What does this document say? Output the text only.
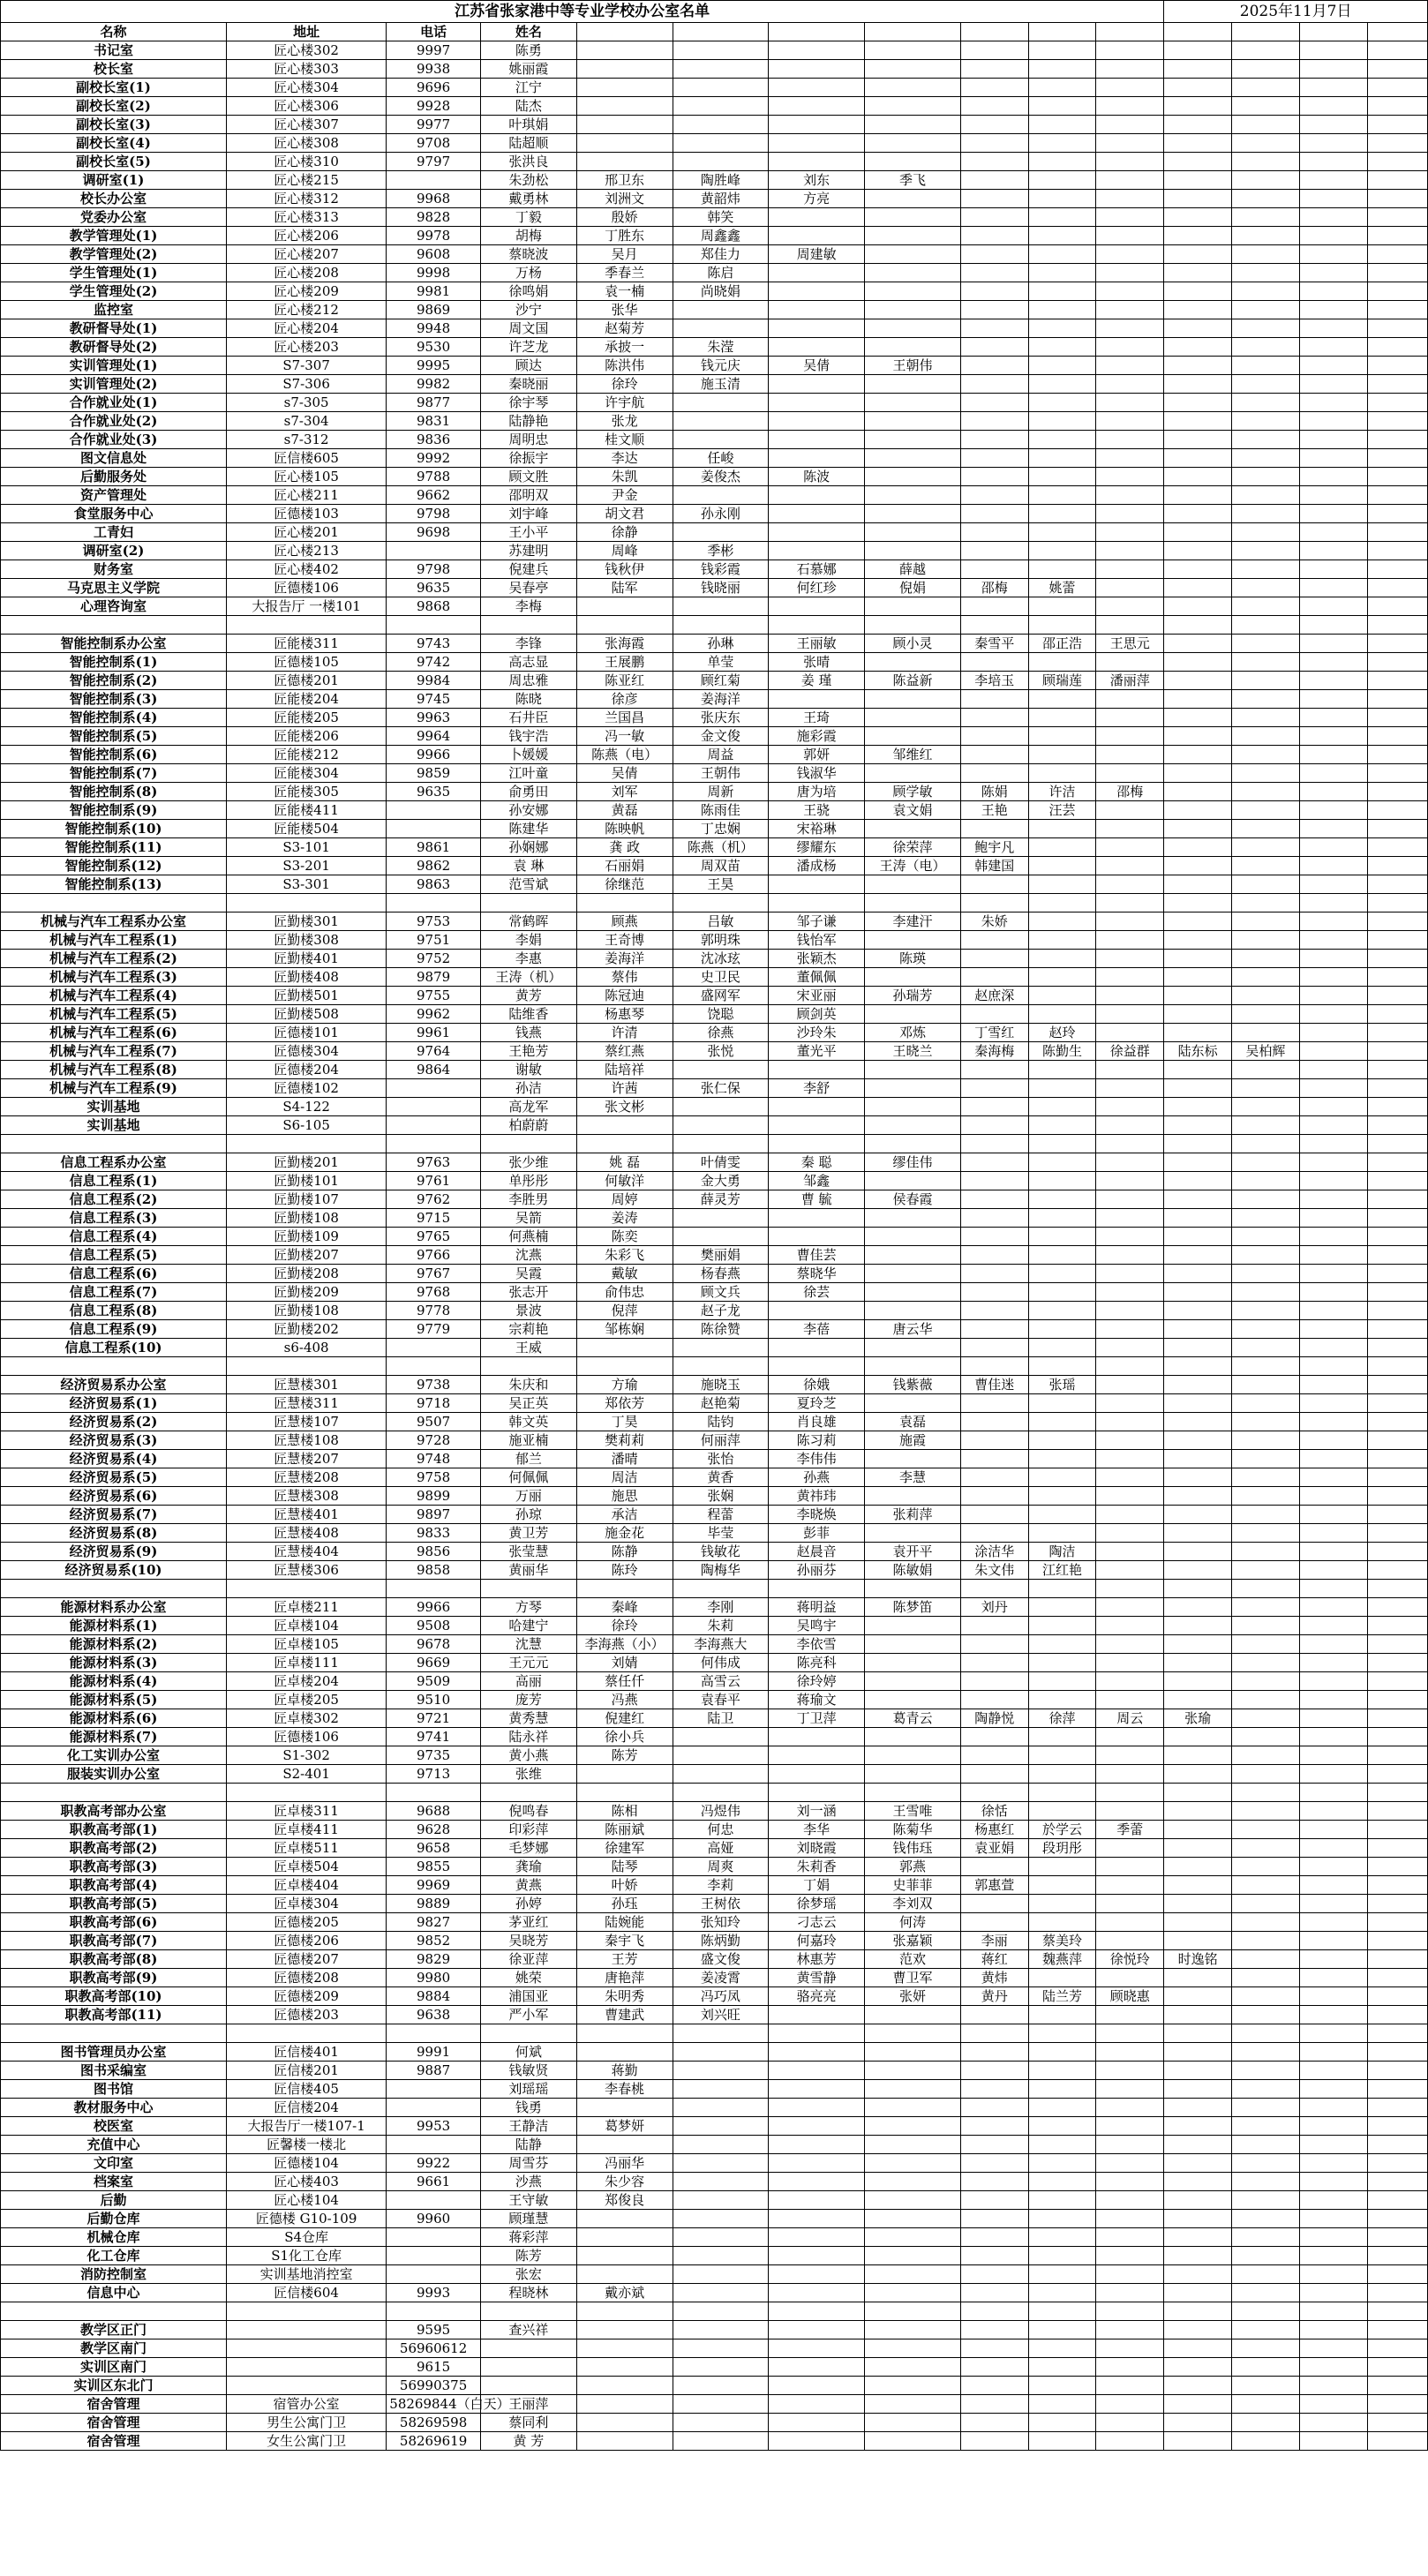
江苏省张家港中等专业学校办公室名单											2025年11月7日			
名称	地址	电话	姓名											
书记室	匠心楼302	9997	陈勇											
校长室	匠心楼303	9938	姚丽霞											
副校长室(1)	匠心楼304	9696	江宁											
副校长室(2)	匠心楼306	9928	陆杰											
副校长室(3)	匠心楼307	9977	叶琪娟											
副校长室(4)	匠心楼308	9708	陆超顺											
副校长室(5)	匠心楼310	9797	张洪良											
调研室(1)	匠心楼215		朱劲松	邢卫东	陶胜峰	刘东	季飞							
校长办公室	匠心楼312	9968	戴勇林	刘洲文	黄韶炜	方亮								
党委办公室	匠心楼313	9828	丁毅	殷娇	韩笑									
教学管理处(1)	匠心楼206	9978	胡梅	丁胜东	周鑫鑫									
教学管理处(2)	匠心楼207	9608	蔡晓波	吴月	郑佳力	周建敏								
学生管理处(1)	匠心楼208	9998	万杨	季春兰	陈启									
学生管理处(2)	匠心楼209	9981	徐鸣娟	袁一楠	尚晓娟									
监控室	匠心楼212	9869	沙宁	张华										
教研督导处(1)	匠心楼204	9948	周文国	赵菊芳										
教研督导处(2)	匠心楼203	9530	许芝龙	承披一	朱滢									
实训管理处(1)	S7-307	9995	顾达	陈洪伟	钱元庆	吴倩	王朝伟							
实训管理处(2)	S7-306	9982	秦晓丽	徐玲	施玉清									
合作就业处(1)	s7-305	9877	徐宇琴	许宇航										
合作就业处(2)	s7-304	9831	陆静艳	张龙										
合作就业处(3)	s7-312	9836	周明忠	桂文顺										
图文信息处	匠信楼605	9992	徐振宇	李达	任峻									
后勤服务处	匠心楼105	9788	顾文胜	朱凯	姜俊杰	陈波								
资产管理处	匠心楼211	9662	邵明双	尹金										
食堂服务中心	匠德楼103	9798	刘宇峰	胡文君	孙永刚									
工青妇	匠心楼201	9698	王小平	徐静										
调研室(2)	匠心楼213		苏建明	周峰	季彬									
财务室	匠心楼402	9798	倪建兵	钱秋伊	钱彩霞	石慕娜	薛越							
马克思主义学院	匠德楼106	9635	吴春亭	陆军	钱晓丽	何红珍	倪娟	邵梅	姚蕾					
心理咨询室	大报告厅 一楼101	9868	李梅											

智能控制系办公室	匠能楼311	9743	李锋	张海霞	孙琳	王丽敏	顾小灵	秦雪平	邵正浩	王思元				
智能控制系(1)	匠德楼105	9742	高志显	王展鹏	单莹	张晴								
智能控制系(2)	匠德楼201	9984	周忠雅	陈亚红	顾红菊	姜 瑾	陈益新	李培玉	顾瑞莲	潘丽萍				
智能控制系(3)	匠能楼204	9745	陈晓	徐彦	姜海洋									
智能控制系(4)	匠能楼205	9963	石井臣	兰国昌	张庆东	王琦								
智能控制系(5)	匠能楼206	9964	钱宇浩	冯一敏	金文俊	施彩霞								
智能控制系(6)	匠能楼212	9966	卜媛媛	陈燕（电）	周益	郭妍	邹维红							
智能控制系(7)	匠能楼304	9859	江叶童	吴倩	王朝伟	钱淑华								
智能控制系(8)	匠能楼305	9635	俞勇田	刘军	周新	唐为培	顾学敏	陈娟	许洁	邵梅				
智能控制系(9)	匠能楼411		孙安娜	黄磊	陈雨佳	王骁	袁文娟	王艳	汪芸					
智能控制系(10)	匠能楼504		陈建华	陈映帆	丁忠娴	宋裕琳								
智能控制系(11)	S3-101	9861	孙娴娜	龚 政	陈燕（机）	缪耀东	徐荣萍	鲍宇凡						
智能控制系(12)	S3-201	9862	袁 琳	石丽娟	周双苗	潘成杨	王涛（电）	韩建国						
智能控制系(13)	S3-301	9863	范雪斌	徐继范	王昊									

机械与汽车工程系办公室	匠勤楼301	9753	常鹤晖	顾燕	吕敏	邹子谦	李建汗	朱娇						
机械与汽车工程系(1)	匠勤楼308	9751	李娟	王奇博	郭明珠	钱怡军								
机械与汽车工程系(2)	匠勤楼401	9752	李惠	姜海洋	沈冰玹	张颖杰	陈瑛							
机械与汽车工程系(3)	匠勤楼408	9879	王涛（机）	蔡伟	史卫民	董佩佩								
机械与汽车工程系(4)	匠勤楼501	9755	黄芳	陈冠迪	盛网军	宋亚丽	孙瑞芳	赵庶深						
机械与汽车工程系(5)	匠勤楼508	9962	陆维香	杨惠琴	饶聪	顾剑英								
机械与汽车工程系(6)	匠德楼101	9961	钱燕	许清	徐燕	沙玲朱	邓炼	丁雪红	赵玲					
机械与汽车工程系(7)	匠德楼304	9764	王艳芳	蔡红燕	张悦	董光平	王晓兰	秦海梅	陈勤生	徐益群	陆东标	吴柏辉		
机械与汽车工程系(8)	匠德楼204	9864	谢敏	陆培祥										
机械与汽车工程系(9)	匠德楼102		孙洁	许茜	张仁保	李舒								
实训基地	S4-122		高龙军	张文彬										
实训基地	S6-105		柏蔚蔚											

信息工程系办公室	匠勤楼201	9763	张少维	姚 磊	叶倩雯	秦 聪	缪佳伟							
信息工程系(1)	匠勤楼101	9761	单彤彤	何敏洋	金大勇	邹鑫								
信息工程系(2)	匠勤楼107	9762	李胜男	周婷	薛灵芳	曹 毓	侯春霞							
信息工程系(3)	匠勤楼108	9715	吴箭	姜涛										
信息工程系(4)	匠勤楼109	9765	何燕楠	陈奕										
信息工程系(5)	匠勤楼207	9766	沈燕	朱彩飞	樊丽娟	曹佳芸								
信息工程系(6)	匠勤楼208	9767	吴霞	戴敏	杨春燕	蔡晓华								
信息工程系(7)	匠勤楼209	9768	张志开	俞伟忠	顾文兵	徐芸								
信息工程系(8)	匠勤楼108	9778	景波	倪萍	赵子龙									
信息工程系(9)	匠勤楼202	9779	宗莉艳	邹栋娴	陈徐赞	李蓓	唐云华							
信息工程系(10)	s6-408		王威											

经济贸易系办公室	匠慧楼301	9738	朱庆和	方瑜	施晓玉	徐娥	钱紫薇	曹佳迷	张瑶					
经济贸易系(1)	匠慧楼311	9718	吴正英	郑依芳	赵艳菊	夏玲芝								
经济贸易系(2)	匠慧楼107	9507	韩文英	丁昊	陆钧	肖良雄	袁磊							
经济贸易系(3)	匠慧楼108	9728	施亚楠	樊莉莉	何丽萍	陈习莉	施霞							
经济贸易系(4)	匠慧楼207	9748	郁兰	潘晴	张怡	李伟伟								
经济贸易系(5)	匠慧楼208	9758	何佩佩	周洁	黄香	孙燕	李慧							
经济贸易系(6)	匠慧楼308	9899	万丽	施思	张娴	黄祎玮								
经济贸易系(7)	匠慧楼401	9897	孙琼	承洁	程蕾	李晓焕	张莉萍							
经济贸易系(8)	匠慧楼408	9833	黄卫芳	施金花	毕莹	彭菲								
经济贸易系(9)	匠慧楼404	9856	张莹慧	陈静	钱敏花	赵晨音	袁开平	涂洁华	陶洁					
经济贸易系(10)	匠慧楼306	9858	黄丽华	陈玲	陶梅华	孙丽芬	陈敏娟	朱文伟	江红艳					

能源材料系办公室	匠卓楼211	9966	方琴	秦峰	李刚	蒋明益	陈梦笛	刘丹						
能源材料系(1)	匠卓楼104	9508	哈建宁	徐玲	朱莉	吴鸣宇								
能源材料系(2)	匠卓楼105	9678	沈慧	李海燕（小）	李海燕大	李依雪								
能源材料系(3)	匠卓楼111	9669	王元元	刘婧	何伟成	陈亮科								
能源材料系(4)	匠卓楼204	9509	高丽	蔡任仟	高雪云	徐玲婷								
能源材料系(5)	匠卓楼205	9510	庞芳	冯燕	袁春平	蒋瑜文								
能源材料系(6)	匠卓楼302	9721	黄秀慧	倪建红	陆卫	丁卫萍	葛青云	陶静悦	徐萍	周云	张瑜			
能源材料系(7)	匠德楼106	9741	陆永祥	徐小兵										
化工实训办公室	S1-302	9735	黄小燕	陈芳										
服装实训办公室	S2-401	9713	张维											

职教高考部办公室	匠卓楼311	9688	倪鸣春	陈相	冯煜伟	刘一涵	王雪唯	徐恬						
职教高考部(1)	匠卓楼411	9628	印彩萍	陈丽斌	何忠	李华	陈菊华	杨惠红	於学云	季蕾				
职教高考部(2)	匠卓楼511	9658	毛梦娜	徐建军	高娅	刘晓霞	钱伟珏	袁亚娟	段玥彤					
职教高考部(3)	匠卓楼504	9855	龚瑜	陆琴	周爽	朱莉香	郭燕							
职教高考部(4)	匠卓楼404	9969	黄燕	叶娇	李莉	丁娟	史菲菲	郭惠萱						
职教高考部(5)	匠卓楼304	9889	孙婷	孙珏	王树依	徐梦瑶	李刘双							
职教高考部(6)	匠德楼205	9827	茅亚红	陆婉能	张知玲	刁志云	何涛							
职教高考部(7)	匠德楼206	9852	吴晓芳	秦宇飞	陈炳勤	何嘉玲	张嘉颖	李丽	蔡美玲					
职教高考部(8)	匠德楼207	9829	徐亚萍	王芳	盛文俊	林惠芳	范欢	蒋红	魏燕萍	徐悦玲	时逸铭			
职教高考部(9)	匠德楼208	9980	姚荣	唐艳萍	姜凌霄	黄雪静	曹卫军	黄炜						
职教高考部(10)	匠德楼209	9884	浦国亚	朱明秀	冯巧凤	骆亮亮	张妍	黄丹	陆兰芳	顾晓惠				
职教高考部(11)	匠德楼203	9638	严小军	曹建武	刘兴旺									

图书管理员办公室	匠信楼401	9991	何斌											
图书采编室	匠信楼201	9887	钱敏贤	蒋勤										
图书馆	匠信楼405		刘瑶瑶	李春桃										
教材服务中心	匠信楼204		钱勇											
校医室	大报告厅一楼107-1	9953	王静洁	葛梦妍										
充值中心	匠馨楼一楼北		陆静											
文印室	匠德楼104	9922	周雪芬	冯丽华										
档案室	匠心楼403	9661	沙燕	朱少容										
后勤	匠心楼104		王守敏	郑俊良										
后勤仓库	匠德楼 G10-109	9960	顾瑾慧											
机械仓库	S4仓库		蒋彩萍											
化工仓库	S1化工仓库		陈芳											
消防控制室	实训基地消控室		张宏											
信息中心	匠信楼604	9993	程晓林	戴亦斌										

教学区正门		9595	查兴祥											
教学区南门		56960612												
实训区南门		9615												
实训区东北门		56990375												
宿舍管理	宿管办公室	58269844（白天）	王丽萍											
宿舍管理	男生公寓门卫	58269598	蔡同利											
宿舍管理	女生公寓门卫	58269619	黄 芳											
